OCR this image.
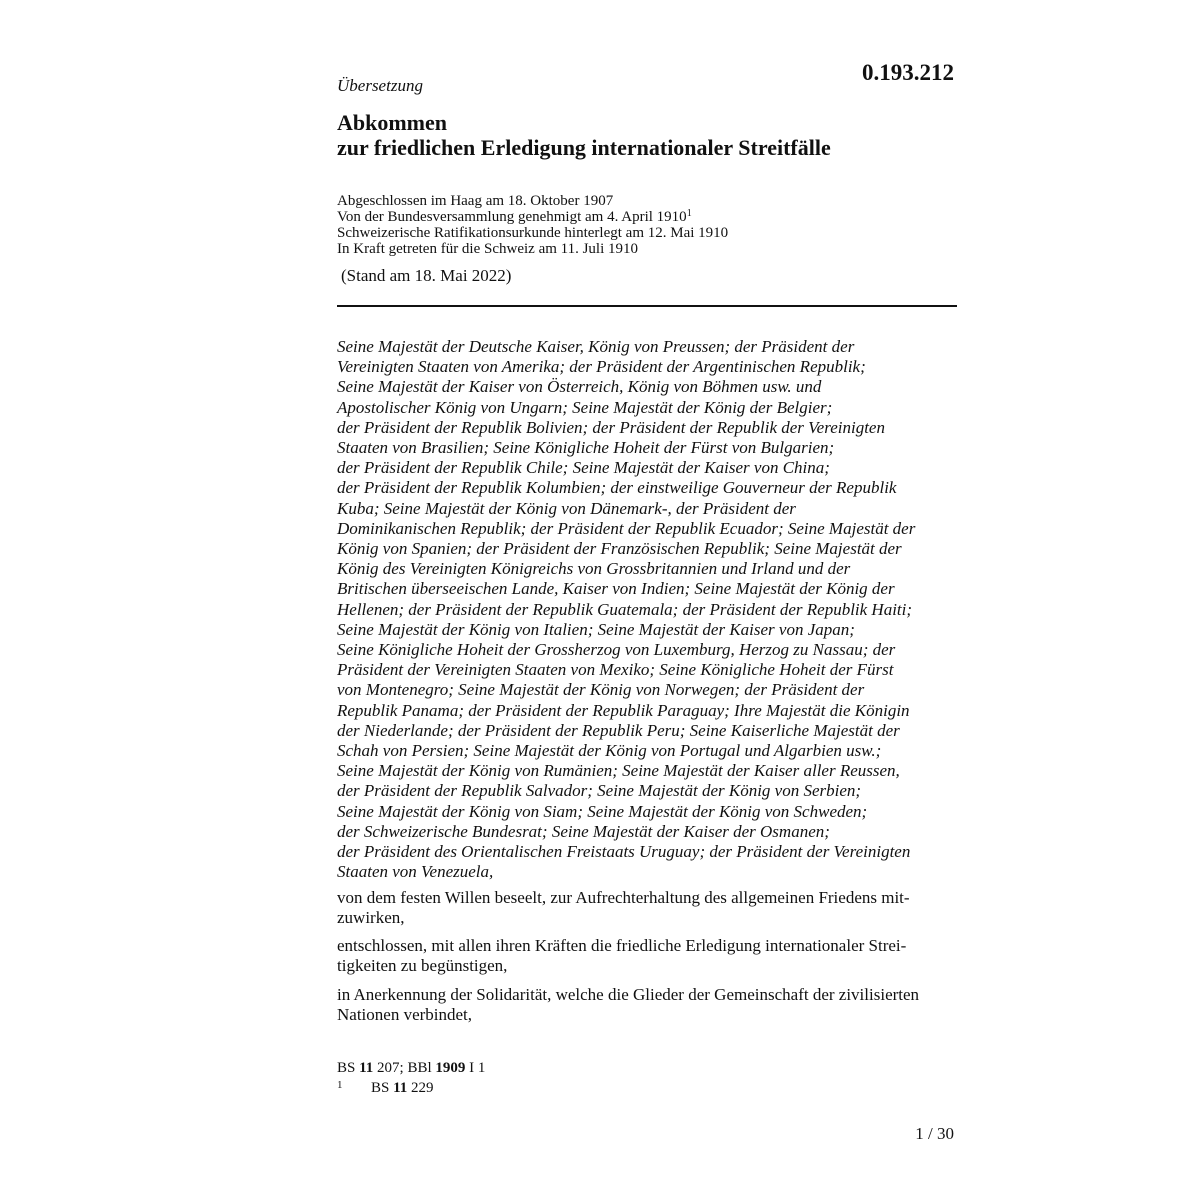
0.193.212
Übersetzung
Abkommen
zur friedlichen Erledigung internationaler Streitfälle
Abgeschlossen im Haag am 18. Oktober 1907
Von der Bundesversammlung genehmigt am 4. April 1910$^1$
Schweizerische Ratifikationsurkunde hinterlegt am 12. Mai 1910
In Kraft getreten für die Schweiz am 11. Juli 1910
(Stand am 18. Mai 2022)
Seine Majestät der Deutsche Kaiser, König von Preussen; der Präsident der
Vereinigten Staaten von Amerika; der Präsident der Argentinischen Republik;
Seine Majestät der Kaiser von Österreich, König von Böhmen usw. und
Apostolischer König von Ungarn; Seine Majestät der König der Belgier;
der Präsident der Republik Bolivien; der Präsident der Republik der Vereinigten
Staaten von Brasilien; Seine Königliche Hoheit der Fürst von Bulgarien;
der Präsident der Republik Chile; Seine Majestät der Kaiser von China;
der Präsident der Republik Kolumbien; der einstweilige Gouverneur der Republik
Kuba; Seine Majestät der König von Dänemark-, der Präsident der
Dominikanischen Republik; der Präsident der Republik Ecuador; Seine Majestät der
König von Spanien; der Präsident der Französischen Republik; Seine Majestät der
König des Vereinigten Königreichs von Grossbritannien und Irland und der
Britischen überseeischen Lande, Kaiser von Indien; Seine Majestät der König der
Hellenen; der Präsident der Republik Guatemala; der Präsident der Republik Haiti;
Seine Majestät der König von Italien; Seine Majestät der Kaiser von Japan;
Seine Königliche Hoheit der Grossherzog von Luxemburg, Herzog zu Nassau; der
Präsident der Vereinigten Staaten von Mexiko; Seine Königliche Hoheit der Fürst
von Montenegro; Seine Majestät der König von Norwegen; der Präsident der
Republik Panama; der Präsident der Republik Paraguay; Ihre Majestät die Königin
der Niederlande; der Präsident der Republik Peru; Seine Kaiserliche Majestät der
Schah von Persien; Seine Majestät der König von Portugal und Algarbien usw.;
Seine Majestät der König von Rumänien; Seine Majestät der Kaiser aller Reussen,
der Präsident der Republik Salvador; Seine Majestät der König von Serbien;
Seine Majestät der König von Siam; Seine Majestät der König von Schweden;
der Schweizerische Bundesrat; Seine Majestät der Kaiser der Osmanen;
der Präsident des Orientalischen Freistaats Uruguay; der Präsident der Vereinigten
Staaten von Venezuela,
von dem festen Willen beseelt, zur Aufrechterhaltung des allgemeinen Friedens mit-
zuwirken,
entschlossen, mit allen ihren Kräften die friedliche Erledigung internationaler Strei-
tigkeiten zu begünstigen,
in Anerkennung der Solidarität, welche die Glieder der Gemeinschaft der zivilisierten
Nationen verbindet,
BS 11 207; BBl 1909 I 1
1 BS 11 229
1 / 30
